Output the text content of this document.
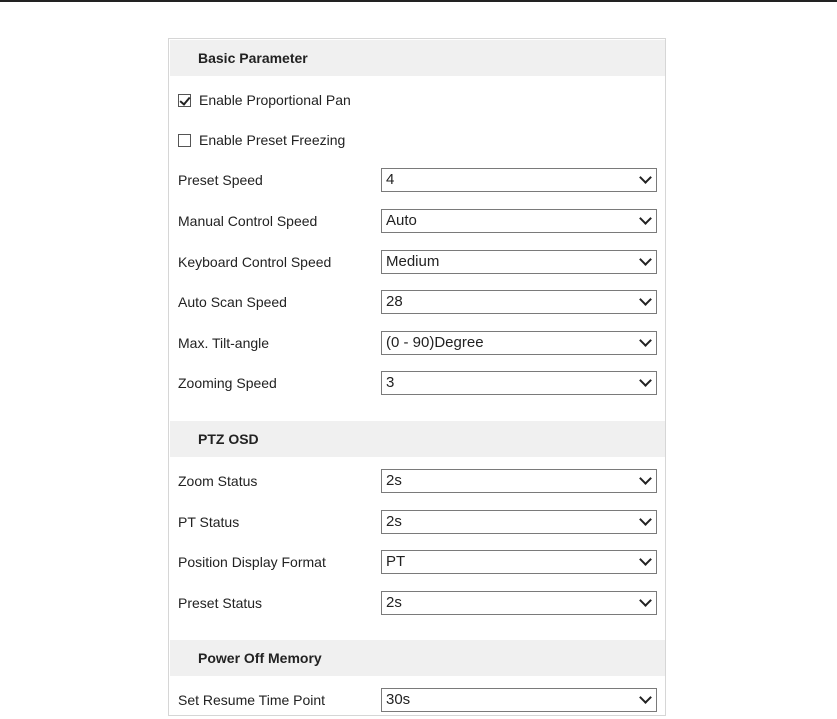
Basic Parameter
Enable Proportional Pan
Enable Preset Freezing
Preset Speed	4
Manual Control Speed	Auto
Keyboard Control Speed	Medium
Auto Scan Speed	28
Max. Tilt-angle	(0 - 90)Degree
Zooming Speed	3
PTZ OSD
Zoom Status	2s
PT Status	2s
Position Display Format	PT
Preset Status	2s
Power Off Memory
Set Resume Time Point	30s
